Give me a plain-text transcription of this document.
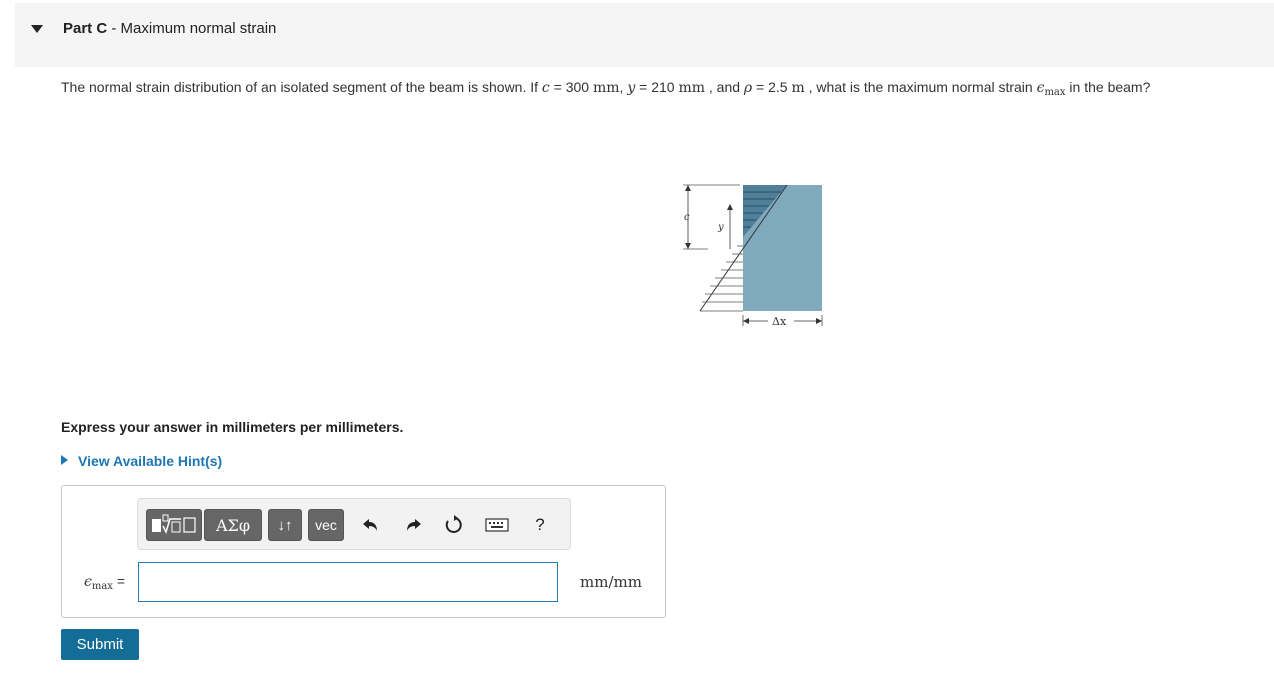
Part C - Maximum normal strain
The normal strain distribution of an isolated segment of the beam is shown. If c = 300 mm, y = 210 mm , and ρ = 2.5 m , what is the maximum normal strain $\epsilon_{max}$ in the beam?
c
y
Δx
Express your answer in millimeters per millimeters.
View Available Hint(s)
ΑΣφ	↓↑	vec	?
$\epsilon_{max}$ =	mm/mm
Submit
